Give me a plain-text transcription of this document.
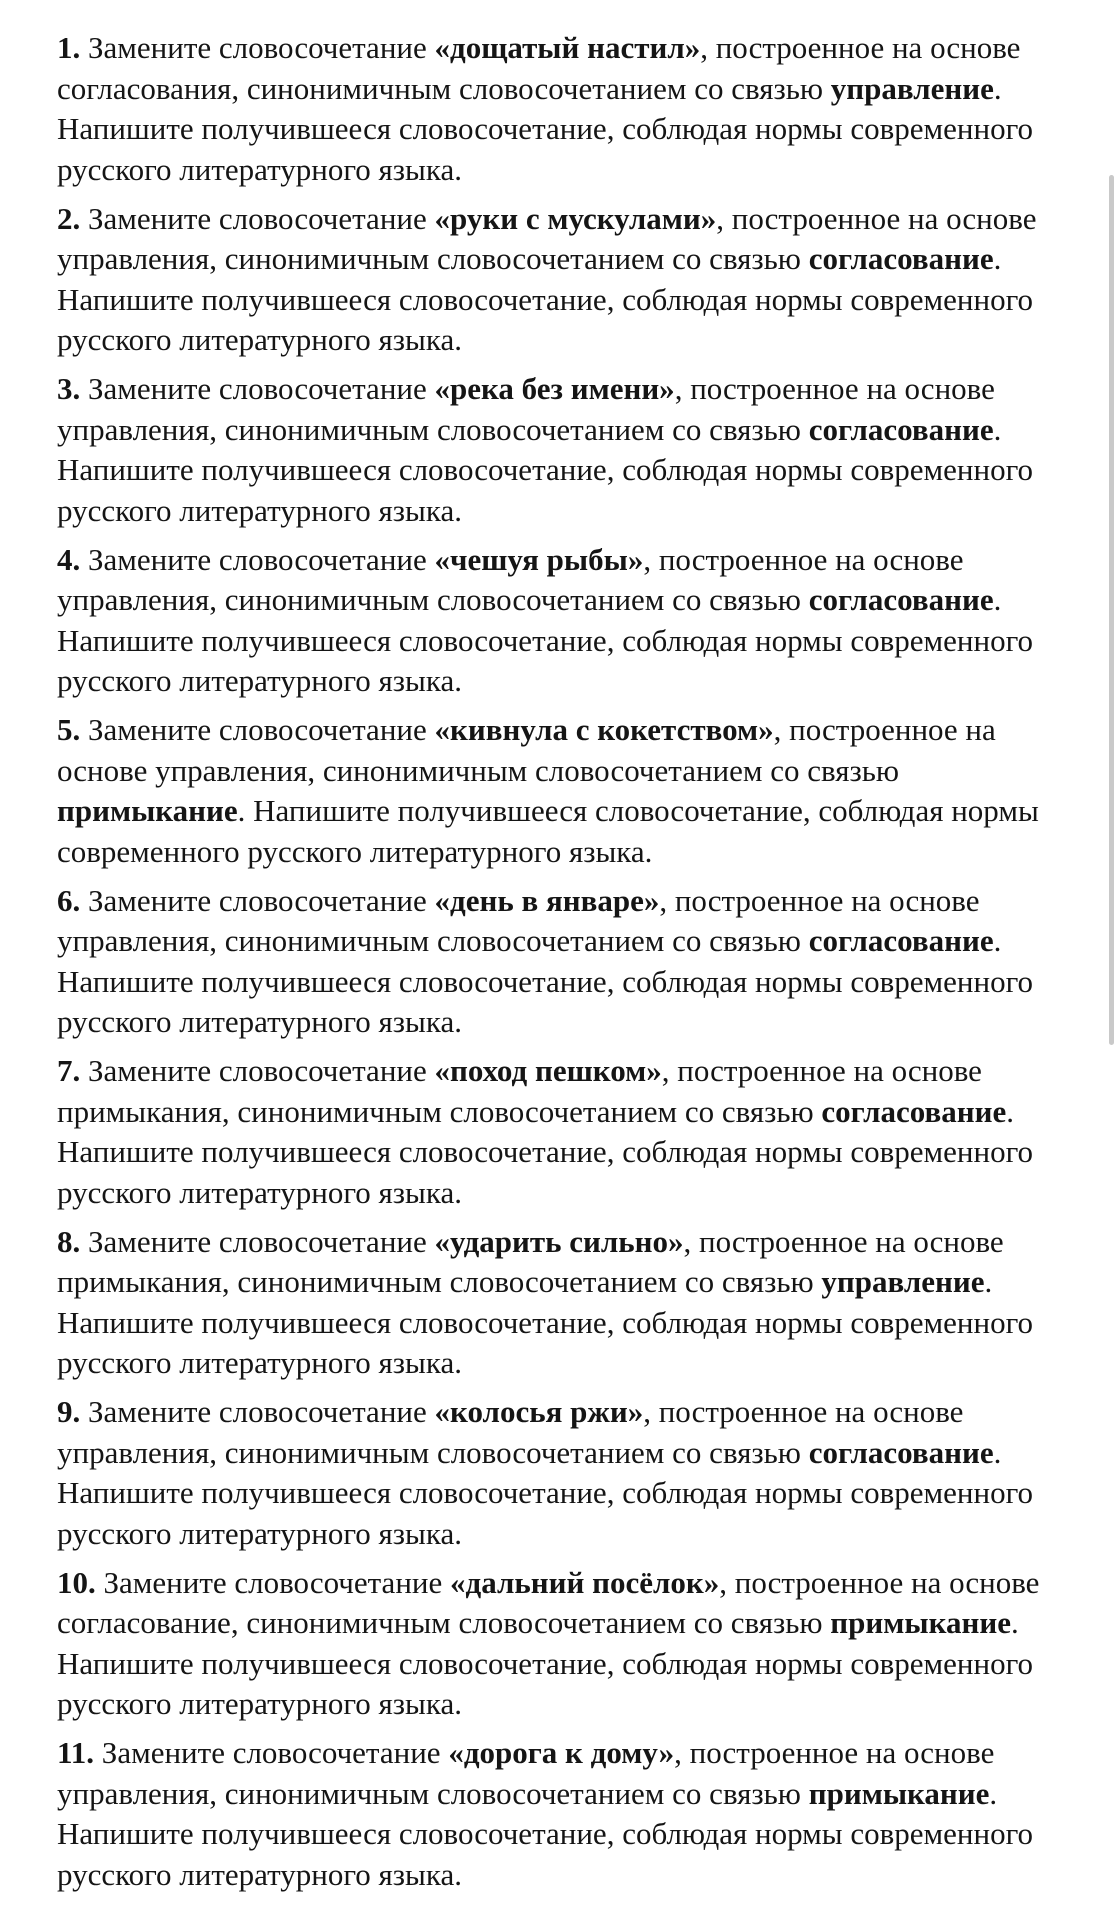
1. Замените словосочетание «дощатый настил», построенное на основе согласования, синонимичным словосочетанием со связью управление. Напишите получившееся словосочетание, соблюдая нормы современного русского литературного языка.

2. Замените словосочетание «руки с мускулами», построенное на основе управления, синонимичным словосочетанием со связью согласование. Напишите получившееся словосочетание, соблюдая нормы современного русского литературного языка.

3. Замените словосочетание «река без имени», построенное на основе управления, синонимичным словосочетанием со связью согласование. Напишите получившееся словосочетание, соблюдая нормы современного русского литературного языка.

4. Замените словосочетание «чешуя рыбы», построенное на основе управления, синонимичным словосочетанием со связью согласование. Напишите получившееся словосочетание, соблюдая нормы современного русского литературного языка.

5. Замените словосочетание «кивнула с кокетством», построенное на основе управления, синонимичным словосочетанием со связью примыкание. Напишите получившееся словосочетание, соблюдая нормы современного русского литературного языка.

6. Замените словосочетание «день в январе», построенное на основе управления, синонимичным словосочетанием со связью согласование. Напишите получившееся словосочетание, соблюдая нормы современного русского литературного языка.

7. Замените словосочетание «поход пешком», построенное на основе примыкания, синонимичным словосочетанием со связью согласование. Напишите получившееся словосочетание, соблюдая нормы современного русского литературного языка.

8. Замените словосочетание «ударить сильно», построенное на основе примыкания, синонимичным словосочетанием со связью управление. Напишите получившееся словосочетание, соблюдая нормы современного русского литературного языка.

9. Замените словосочетание «колосья ржи», построенное на основе управления, синонимичным словосочетанием со связью согласование. Напишите получившееся словосочетание, соблюдая нормы современного русского литературного языка.

10. Замените словосочетание «дальний посёлок», построенное на основе согласование, синонимичным словосочетанием со связью примыкание. Напишите получившееся словосочетание, соблюдая нормы современного русского литературного языка.

11. Замените словосочетание «дорога к дому», построенное на основе управления, синонимичным словосочетанием со связью примыкание. Напишите получившееся словосочетание, соблюдая нормы современного русского литературного языка.
